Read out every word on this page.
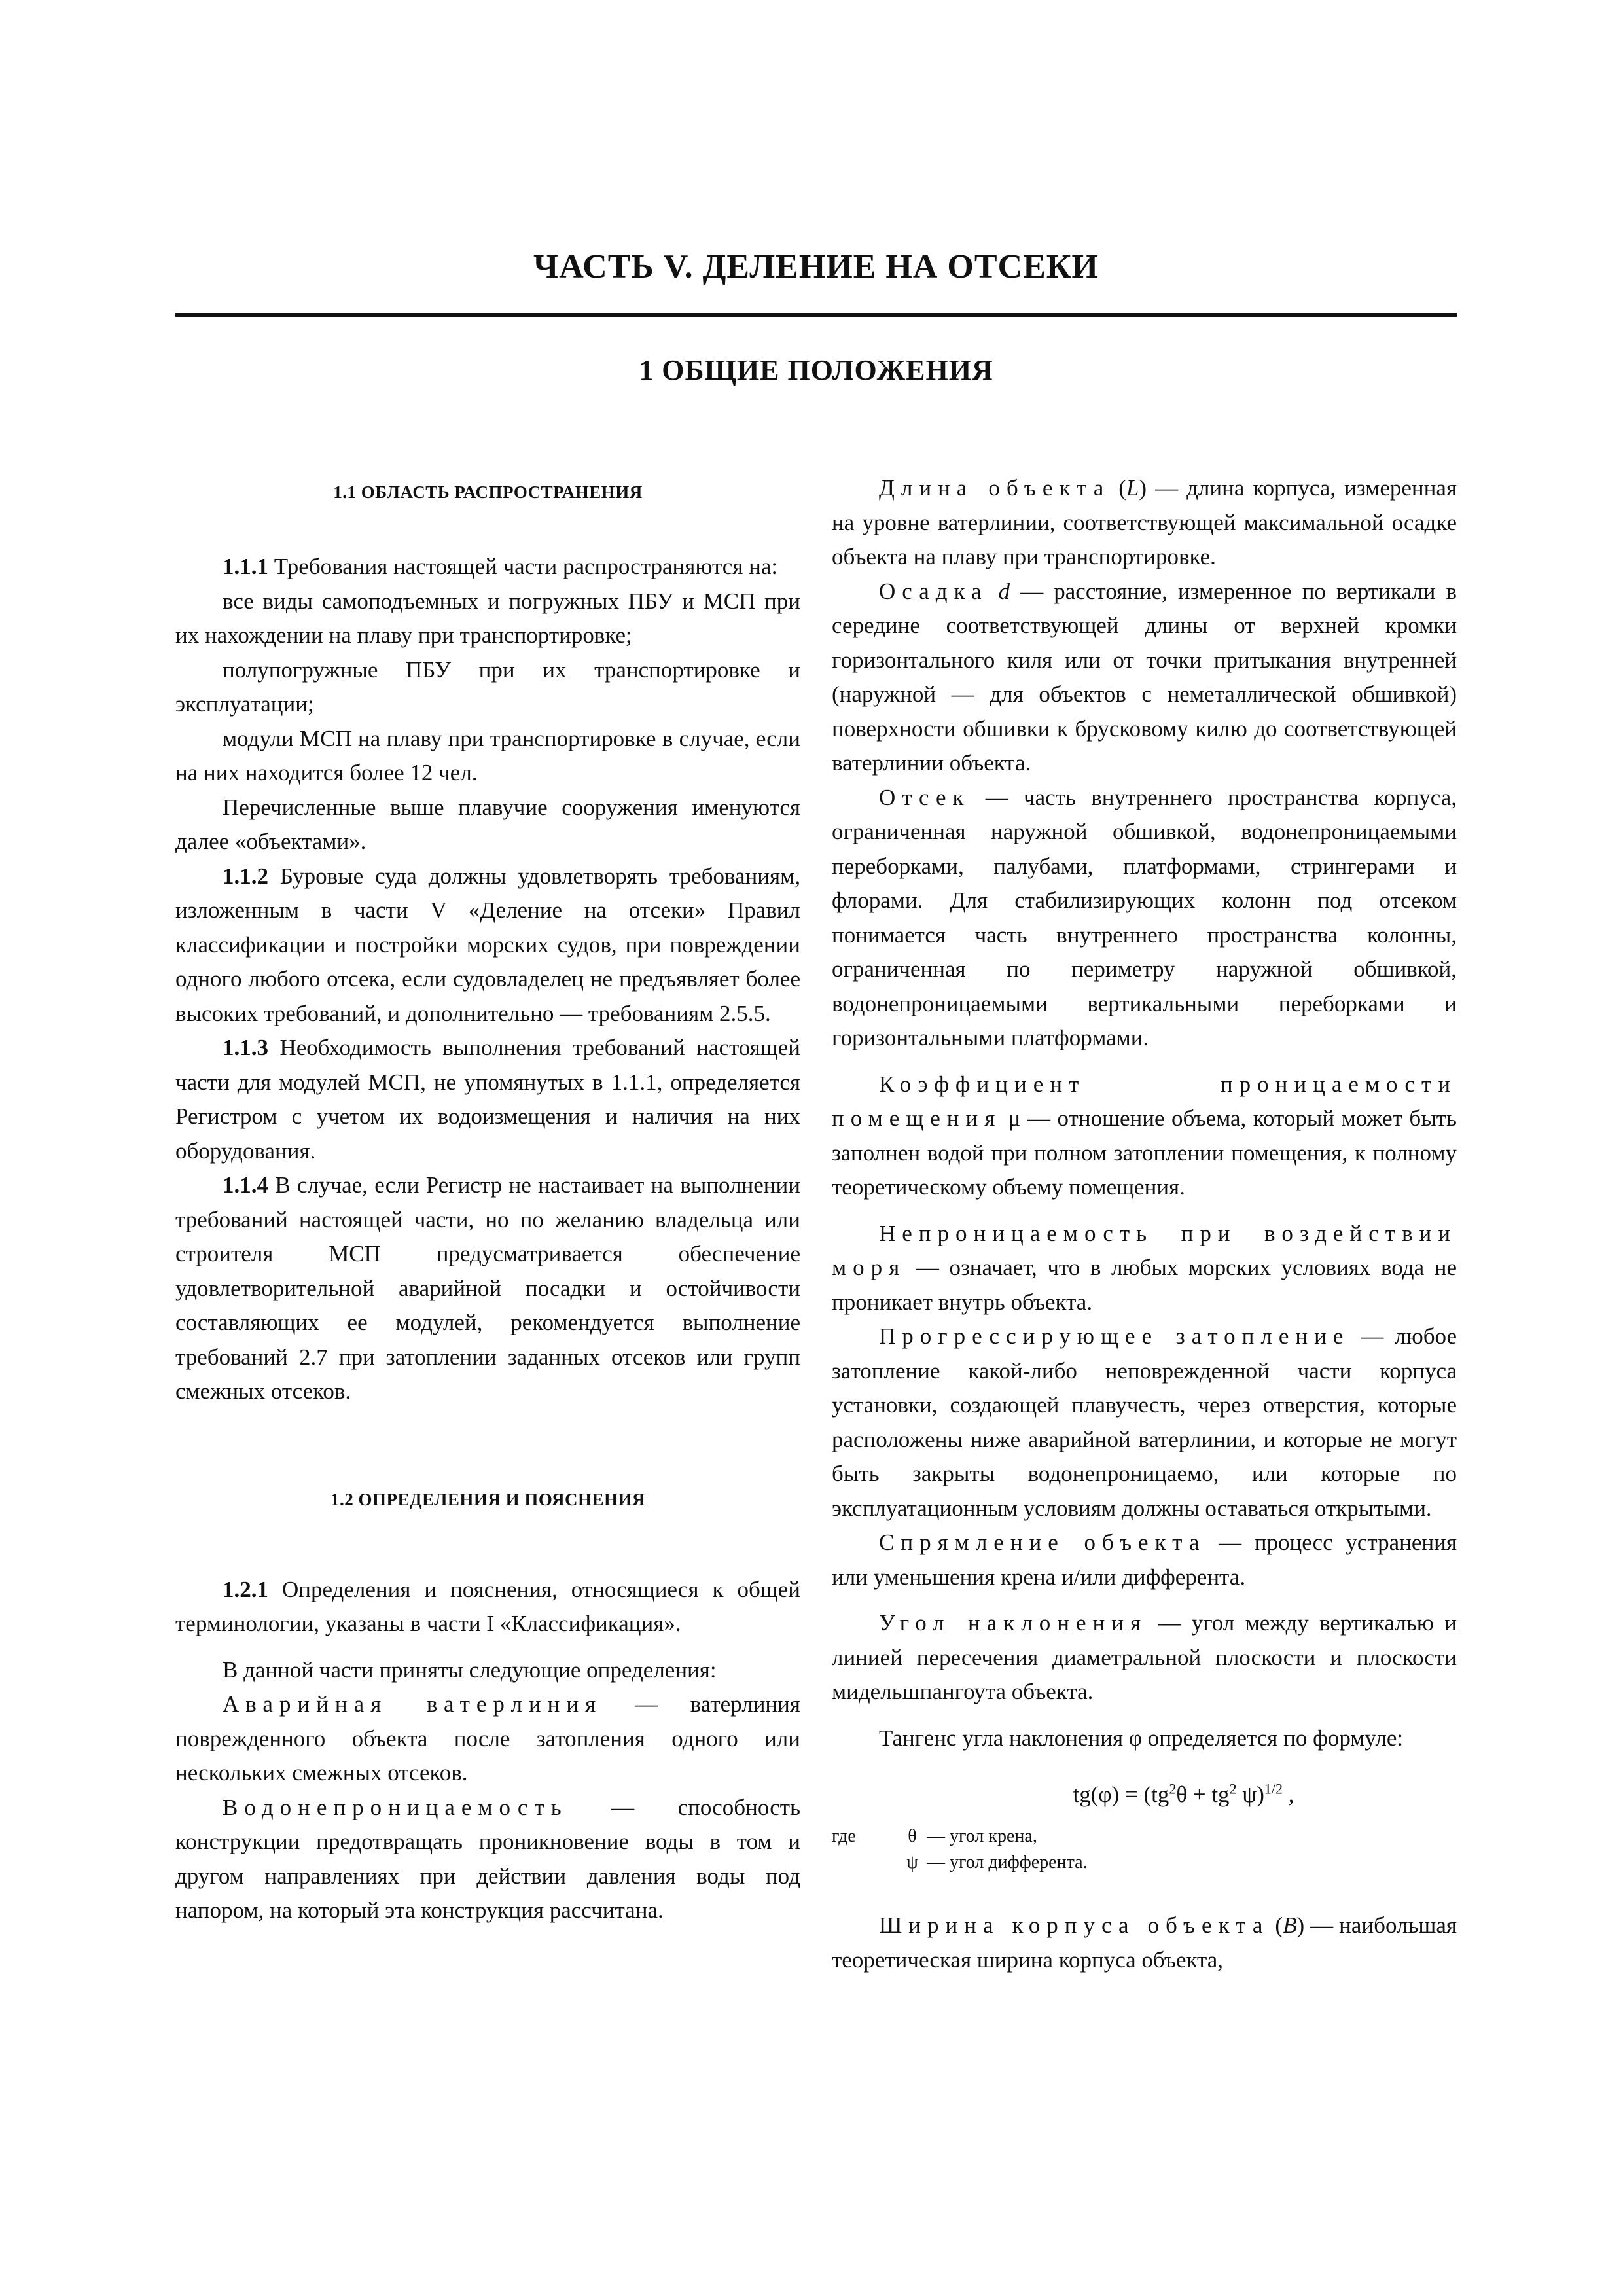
ЧАСТЬ V. ДЕЛЕНИЕ НА ОТСЕКИ
1 ОБЩИЕ ПОЛОЖЕНИЯ
1.1 ОБЛАСТЬ РАСПРОСТРАНЕНИЯ

1.1.1 Требования настоящей части распространяются на:

все виды самоподъемных и погружных ПБУ и МСП при их нахождении на плаву при транспортировке;

полупогружные ПБУ при их транспортировке и эксплуатации;

модули МСП на плаву при транспортировке в случае, если на них находится более 12 чел.

Перечисленные выше плавучие сооружения именуются далее «объектами».

1.1.2 Буровые суда должны удовлетворять требованиям, изложенным в части V «Деление на отсеки» Правил классификации и постройки морских судов, при повреждении одного любого отсека, если судовладелец не предъявляет более высоких требований, и дополнительно — требованиям 2.5.5.

1.1.3 Необходимость выполнения требований настоящей части для модулей МСП, не упомянутых в 1.1.1, определяется Регистром с учетом их водоизмещения и наличия на них оборудования.

1.1.4 В случае, если Регистр не настаивает на выполнении требований настоящей части, но по желанию владельца или строителя МСП предусматривается обеспечение удовлетворительной аварийной посадки и остойчивости составляющих ее модулей, рекомендуется выполнение требований 2.7 при затоплении заданных отсеков или групп смежных отсеков.

1.2 ОПРЕДЕЛЕНИЯ И ПОЯСНЕНИЯ

1.2.1 Определения и пояснения, относящиеся к общей терминологии, указаны в части I «Классификация».

В данной части приняты следующие определения:

Аварийная ватерлиния — ватерлиния поврежденного объекта после затопления одного или нескольких смежных отсеков.

Водонепроницаемость — способность конструкции предотвращать проникновение воды в том и другом направлениях при действии давления воды под напором, на который эта конструкция рассчитана.

Длина объекта (L) — длина корпуса, измеренная на уровне ватерлинии, соответствующей максимальной осадке объекта на плаву при транспортировке.

Осадка d — расстояние, измеренное по вертикали в середине соответствующей длины от верхней кромки горизонтального киля или от точки притыкания внутренней (наружной — для объектов с неметаллической обшивкой) поверхности обшивки к брусковому килю до соответствующей ватерлинии объекта.

Отсек — часть внутреннего пространства корпуса, ограниченная наружной обшивкой, водонепроницаемыми переборками, палубами, платформами, стрингерами и флорами. Для стабилизирующих колонн под отсеком понимается часть внутреннего пространства колонны, ограниченная по периметру наружной обшивкой, водонепроницаемыми вертикальными переборками и горизонтальными платформами.

Коэффициент проницаемости помещения μ — отношение объема, который может быть заполнен водой при полном затоплении помещения, к полному теоретическому объему помещения.

Непроницаемость при воздействии моря — означает, что в любых морских условиях вода не проникает внутрь объекта.

Прогрессирующее затопление — любое затопление какой-либо неповрежденной части корпуса установки, создающей плавучесть, через отверстия, которые расположены ниже аварийной ватерлинии, и которые не могут быть закрыты водонепроницаемо, или которые по эксплуатационным условиям должны оставаться открытыми.

Спрямление объекта — процесс устранения или уменьшения крена и/или дифферента.

Угол наклонения — угол между вертикалью и линией пересечения диаметральной плоскости и плоскости мидельшпангоута объекта.

Тангенс угла наклонения φ определяется по формуле:

$tg(\varphi) = (tg^2\theta + tg^2$ ψ)$^{1/2}$ ,
где	θ — угол крена,
ψ — угол дифферента.

Ширина корпуса объекта (B) — наибольшая теоретическая ширина корпуса объекта,
